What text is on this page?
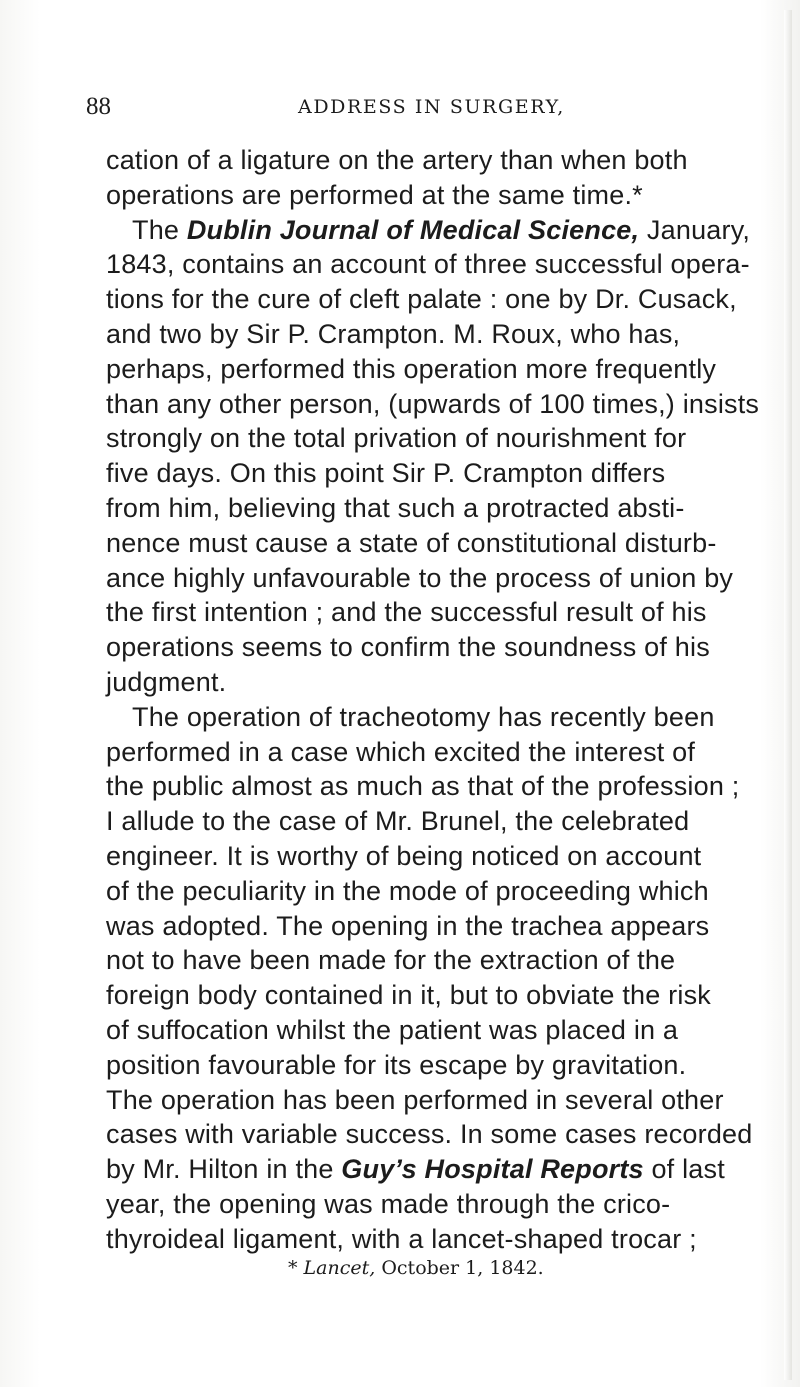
88	ADDRESS IN SURGERY,
cation of a ligature on the artery than when both
operations are performed at the same time.*
The Dublin Journal of Medical Science, January,
1843, contains an account of three successful opera-
tions for the cure of cleft palate : one by Dr. Cusack,
and two by Sir P. Crampton. M. Roux, who has,
perhaps, performed this operation more frequently
than any other person, (upwards of 100 times,) insists
strongly on the total privation of nourishment for
five days. On this point Sir P. Crampton differs
from him, believing that such a protracted absti-
nence must cause a state of constitutional disturb-
ance highly unfavourable to the process of union by
the first intention ; and the successful result of his
operations seems to confirm the soundness of his
judgment.
The operation of tracheotomy has recently been
performed in a case which excited the interest of
the public almost as much as that of the profession ;
I allude to the case of Mr. Brunel, the celebrated
engineer. It is worthy of being noticed on account
of the peculiarity in the mode of proceeding which
was adopted. The opening in the trachea appears
not to have been made for the extraction of the
foreign body contained in it, but to obviate the risk
of suffocation whilst the patient was placed in a
position favourable for its escape by gravitation.
The operation has been performed in several other
cases with variable success. In some cases recorded
by Mr. Hilton in the Guy’s Hospital Reports of last
year, the opening was made through the crico-
thyroideal ligament, with a lancet-shaped trocar ;
* Lancet, October 1, 1842.
